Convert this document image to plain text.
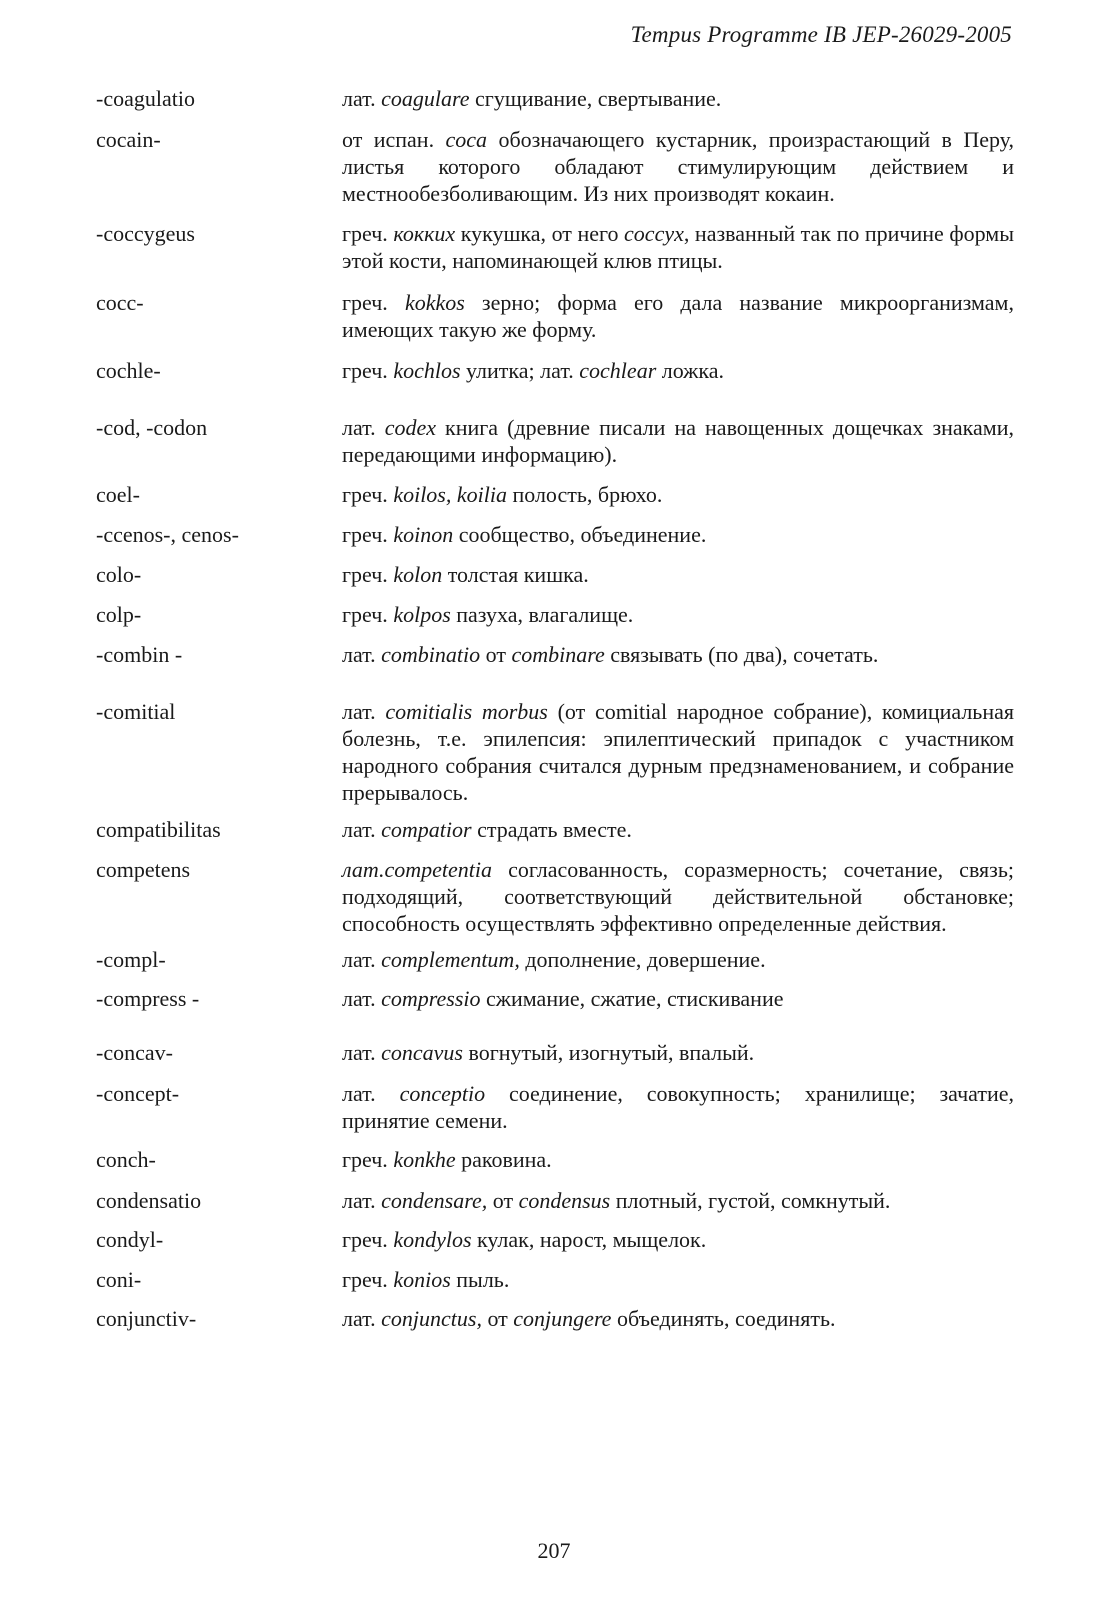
Tempus Programme IB JEP-26029-2005
-coagulatio	лат. coagulare сгущивание, свертывание.
cocain-	от испан. coca обозначающего кустарник, произрастающий в Перу, листья которого обладают стимулирующим действием и местнообезболивающим. Из них производят кокаин.
-coccygeus	греч. коккuх кукушка, от него coccyx, названный так по причине формы этой кости, напоминающей клюв птицы.
cocc-	греч. kokkos зерно; форма его дала название микроорганизмам, имеющих такую же форму.
cochle-	греч. kochlos улитка; лат. cochlear ложка.
-cod, -codon	лат. codex книга (древние писали на навощенных дощечках знаками, передающими информацию).
coel-	греч. koilos, koilia полость, брюхо.
-ccenos-, cenos-	греч. koinon сообщество, объединение.
colo-	греч. kolon толстая кишка.
colp-	греч. kolpos пазуха, влагалище.
-combin -	лат. combinatio от combinare связывать (по два), сочетать.
-comitial	лат. comitialis morbus (от comitial народное собрание), комициальная болезнь, т.е. эпилепсия: эпилептический припадок с участником народного собрания считался дурным предзнаменованием, и собрание прерывалось.
compatibilitas	лат. compatior страдать вместе.
competens	лат.competentia согласованность, соразмерность; сочетание, связь; подходящий, соответствующий действительной обстановке; способность осуществлять эффективно определенные действия.
-compl-	лат. complementum, дополнение, довершение.
-compress -	лат. compressio сжимание, сжатие, стискивание
-concav-	лат. concavus вогнутый, изогнутый, впалый.
-concept-	лат. conceptio соединение, совокупность; хранилище; зачатие, принятие семени.
conch-	греч. konkhe раковина.
condensatio	лат. condensare, от condensus плотный, густой, сомкнутый.
condyl-	греч. kondylos кулак, нарост, мыщелок.
coni-	греч. konios пыль.
conjunctiv-	лат. conjunctus, от conjungere объединять, соединять.
207
